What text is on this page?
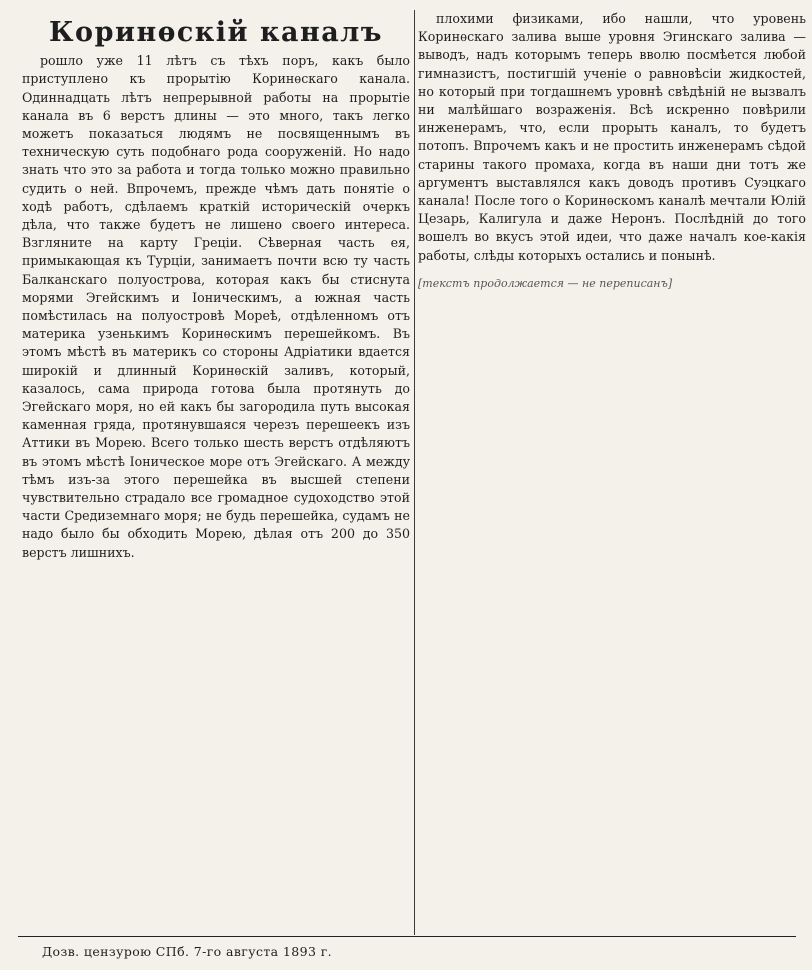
Коринѳскій каналъ

рошло уже 11 лѣтъ съ тѣхъ поръ, какъ было приступлено къ прорытію Коринѳскаго канала. Одиннадцать лѣтъ непрерывной работы на прорытіе канала въ 6 верстъ длины — это много, такъ легко можетъ показаться людямъ не посвященнымъ въ техническую суть подобнаго рода сооруженій. Но надо знать что это за работа и тогда только можно правильно судить о ней. Впрочемъ, прежде чѣмъ дать понятіе о ходѣ работъ, сдѣлаемъ краткій историческій очеркъ дѣла, что также будетъ не лишено своего интереса. Взгляните на карту Греціи. Сѣверная часть ея, примыкающая къ Турціи, занимаетъ почти всю ту часть Балканскаго полуострова, которая какъ бы стиснута морями Эгейскимъ и Іоническимъ, а южная часть помѣстилась на полуостровѣ Мореѣ, отдѣленномъ отъ материка узенькимъ Коринѳскимъ перешейкомъ. Въ этомъ мѣстѣ въ материкъ со стороны Адріатики вдается широкій и длинный Коринѳскій заливъ, который, казалось, сама природа готова была протянуть до Эгейскаго моря, но ей какъ бы загородила путь высокая каменная гряда, протянувшаяся черезъ перешеекъ изъ Аттики въ Морею. Всего только шесть верстъ отдѣляютъ въ этомъ мѣстѣ Іоническое море отъ Эгейскаго. А между тѣмъ изъ-за этого перешейка въ высшей степени чувствительно страдало все громадное судоходство этой части Средиземнаго моря; не будь перешейка, судамъ не надо было бы обходить Морею, дѣлая отъ 200 до 350 верстъ лишнихъ.

плохими физиками, ибо нашли, что уровень Коринѳскаго залива выше уровня Эгинскаго залива — выводъ, надъ которымъ теперь вволю посмѣется любой гимназистъ, постигшій ученіе о равновѣсіи жидкостей, но который при тогдашнемъ уровнѣ свѣдѣній не вызвалъ ни малѣйшаго возраженія. Всѣ искренно повѣрили инженерамъ, что, если прорыть каналъ, то будетъ потопъ. Впрочемъ какъ и не простить инженерамъ сѣдой старины такого промаха, когда въ наши дни тотъ же аргументъ выставлялся какъ доводъ противъ Суэцкаго канала! После того о Коринѳскомъ каналѣ мечтали Юлій Цезарь, Калигула и даже Неронъ. Послѣдній до того вошелъ во вкусъ этой идеи, что даже началъ кое-какія работы, слѣды которыхъ остались и понынѣ.

[текстъ продолжается — не переписанъ]
Дозв. цензурою СПб. 7-го августа 1893 г.
